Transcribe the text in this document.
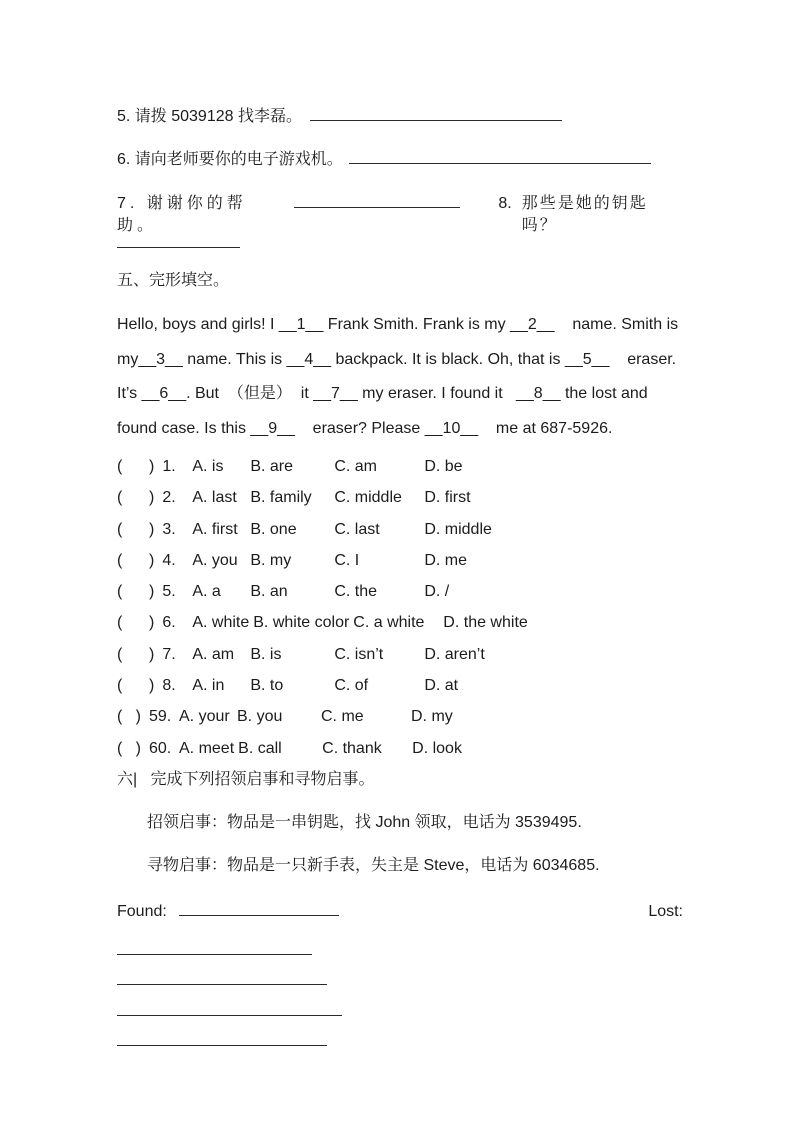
5. 请拨 5039128 找李磊。
6. 请向老师要你的电子游戏机。
7. 谢谢你的帮助。
8. 那些是她的钥匙吗？
五、完形填空。
Hello, boys and girls! I __1__ Frank Smith. Frank is my __2__    name. Smith is
my__3__ name. This is __4__ backpack. It is black. Oh, that is __5__    eraser.
It’s __6__. But  （但是）  it __7__ my eraser. I found it   __8__ the lost and
found case. Is this __9__    eraser? Please __10__    me at 687-5926.
(      ) 1.	A. is	B. are	C. am	D. be
(      ) 2.	A. last B. family	C. middle	D. first
(      ) 3.	A. first B. one	C. last	D. middle
(      ) 4.	A. you B. my	C. I	D. me
(      ) 5.	A. a	B. an	C. the	D. /
(      ) 6.	A. white B. white color C. a white	D. the white
(      ) 7.	A. am	B. is	C. isn’t	D. aren’t
(      ) 8.	A. in	B. to	C. of	D. at
(   ) 59. A. your B. you	C. me	D. my
(   ) 60. A. meet B. call	C. thank	D. look
六|   完成下列招领启事和寻物启事。
招领启事：物品是一串钥匙，找 John 领取，电话为 3539495.
寻物启事：物品是一只新手表，失主是 Steve，电话为 6034685.
Found:	Lost:
